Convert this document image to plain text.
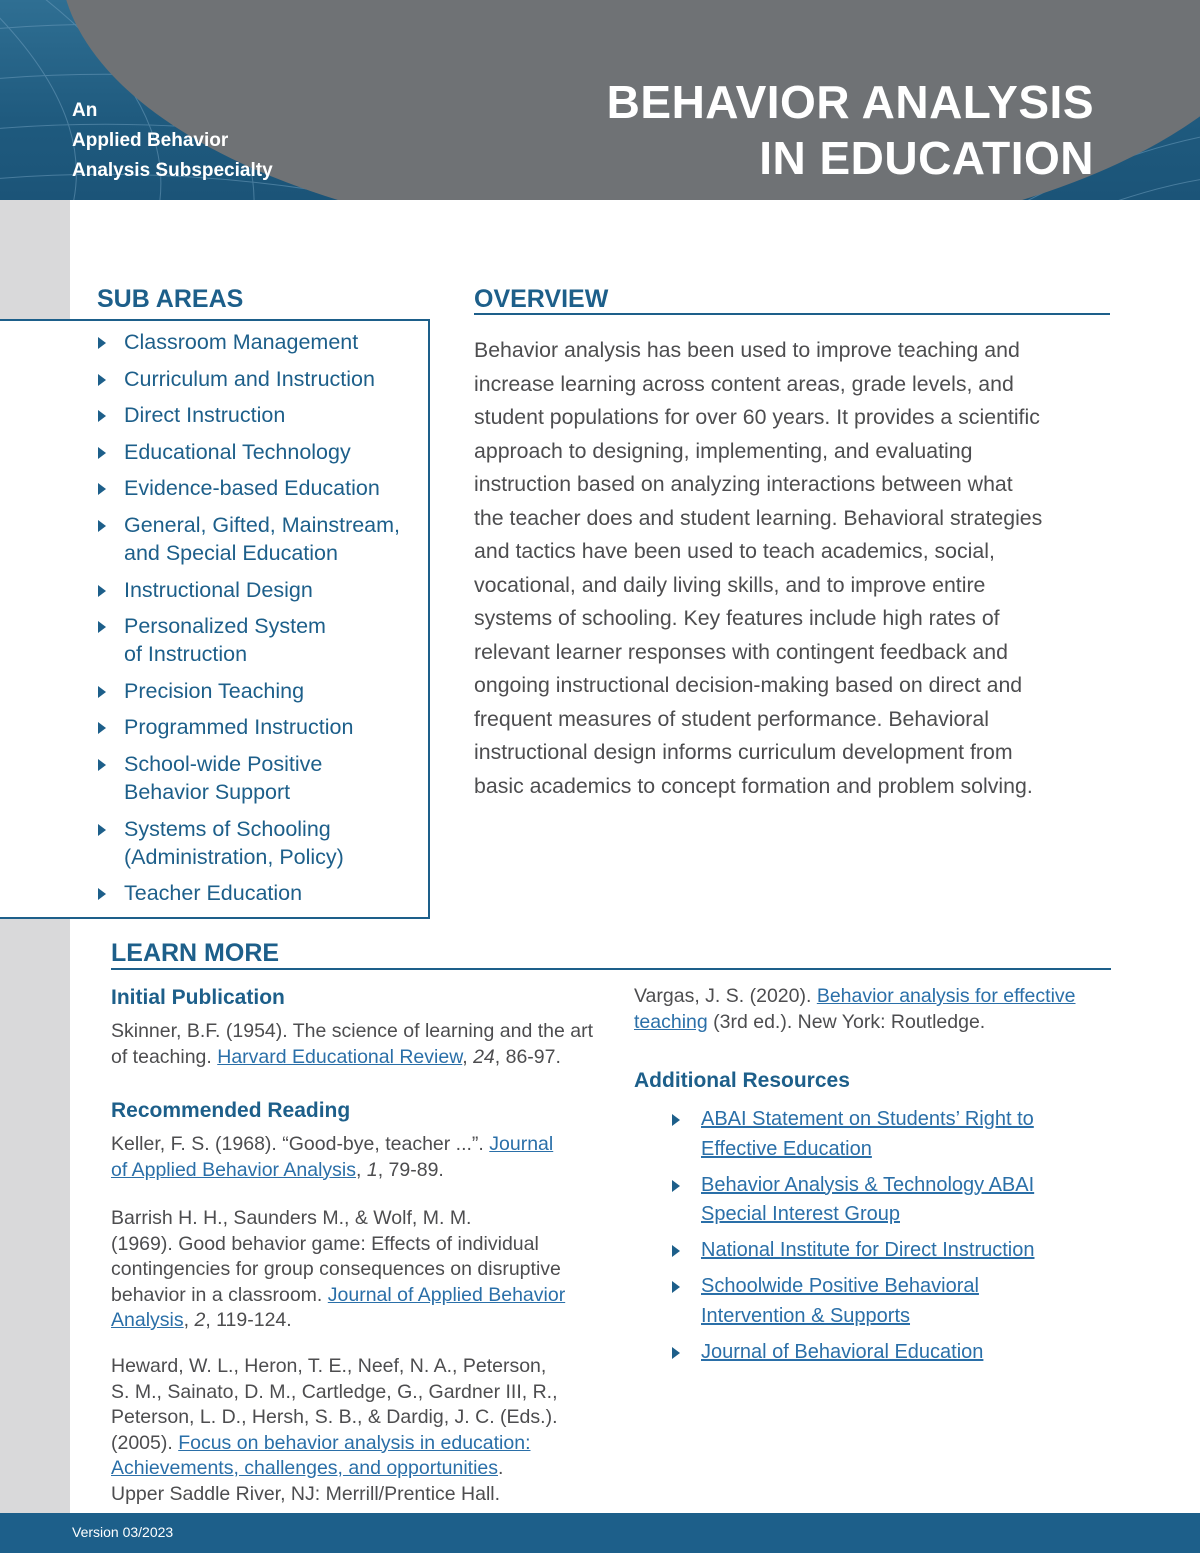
An
Applied Behavior
Analysis Subspecialty
BEHAVIOR ANALYSIS
IN EDUCATION
SUB AREAS
Classroom Management
Curriculum and Instruction
Direct Instruction
Educational Technology
Evidence-based Education
General, Gifted, Mainstream,
and Special Education
Instructional Design
Personalized System
of Instruction
Precision Teaching
Programmed Instruction
School-wide Positive
Behavior Support
Systems of Schooling
(Administration, Policy)
Teacher Education
OVERVIEW
Behavior analysis has been used to improve teaching and
increase learning across content areas, grade levels, and
student populations for over 60 years. It provides a scientific
approach to designing, implementing, and evaluating
instruction based on analyzing interactions between what
the teacher does and student learning. Behavioral strategies
and tactics have been used to teach academics, social,
vocational, and daily living skills, and to improve entire
systems of schooling. Key features include high rates of
relevant learner responses with contingent feedback and
ongoing instructional decision-making based on direct and
frequent measures of student performance. Behavioral
instructional design informs curriculum development from
basic academics to concept formation and problem solving.
LEARN MORE
Initial Publication
Skinner, B.F. (1954). The science of learning and the art
of teaching. Harvard Educational Review, 24, 86-97.
Recommended Reading
Keller, F. S. (1968). “Good-bye, teacher ...”. Journal
of Applied Behavior Analysis, 1, 79-89.
Barrish H. H., Saunders M., & Wolf, M. M.
(1969). Good behavior game: Effects of individual
contingencies for group consequences on disruptive
behavior in a classroom. Journal of Applied Behavior
Analysis, 2, 119-124.
Heward, W. L., Heron, T. E., Neef, N. A., Peterson,
S. M., Sainato, D. M., Cartledge, G., Gardner III, R.,
Peterson, L. D., Hersh, S. B., & Dardig, J. C. (Eds.).
(2005). Focus on behavior analysis in education:
Achievements, challenges, and opportunities.
Upper Saddle River, NJ: Merrill/Prentice Hall.
Vargas, J. S. (2020). Behavior analysis for effective
teaching (3rd ed.). New York: Routledge.
Additional Resources
ABAI Statement on Students’ Right to
Effective Education
Behavior Analysis & Technology ABAI
Special Interest Group
National Institute for Direct Instruction
Schoolwide Positive Behavioral
Intervention & Supports
Journal of Behavioral Education
Version 03/2023
